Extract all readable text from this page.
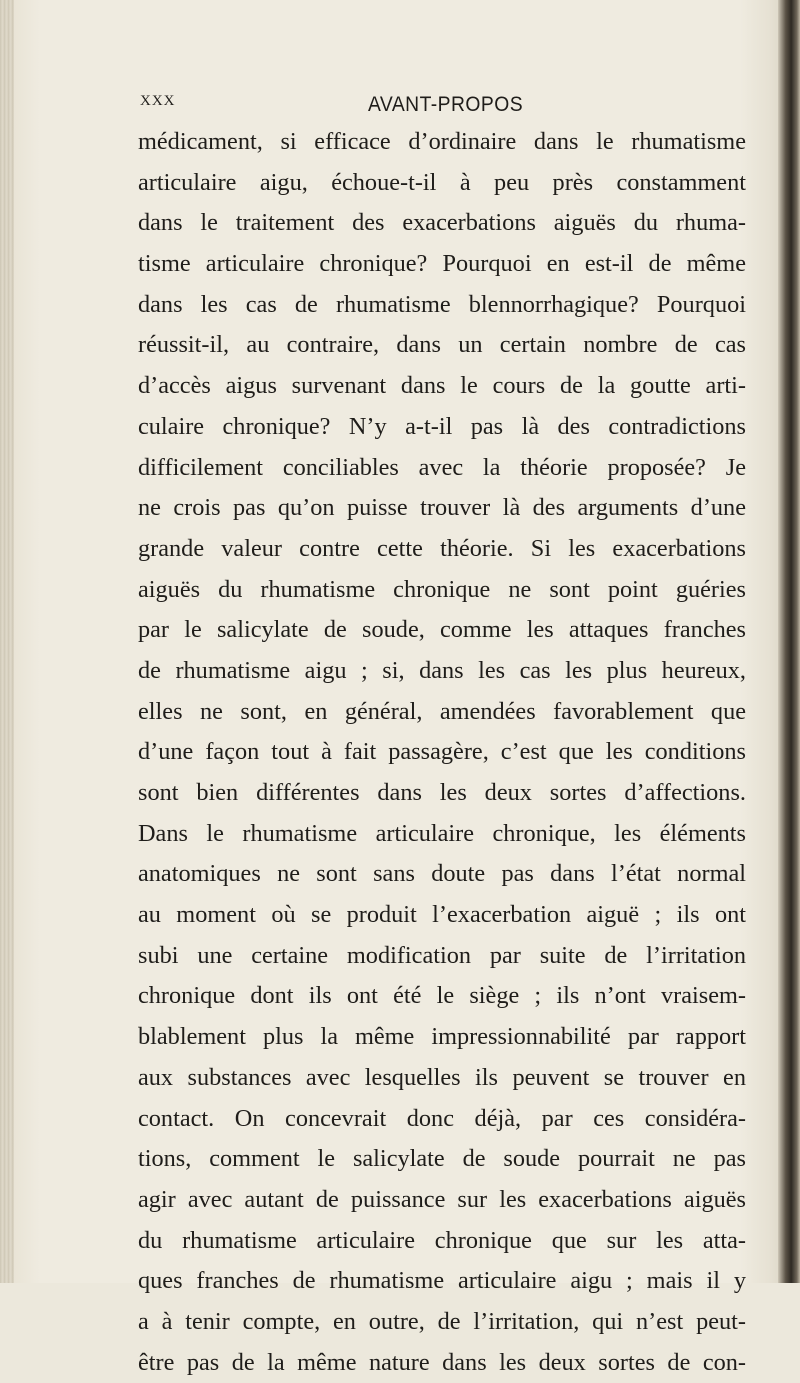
XXX	AVANT-PROPOS
médicament, si efficace d’ordinaire dans le rhumatisme
articulaire aigu, échoue-t-il à peu près constamment
dans le traitement des exacerbations aiguës du rhuma-
tisme articulaire chronique? Pourquoi en est-il de même
dans les cas de rhumatisme blennorrhagique? Pourquoi
réussit-il, au contraire, dans un certain nombre de cas
d’accès aigus survenant dans le cours de la goutte arti-
culaire chronique? N’y a-t-il pas là des contradictions
difficilement conciliables avec la théorie proposée? Je
ne crois pas qu’on puisse trouver là des arguments d’une
grande valeur contre cette théorie. Si les exacerbations
aiguës du rhumatisme chronique ne sont point guéries
par le salicylate de soude, comme les attaques franches
de rhumatisme aigu ; si, dans les cas les plus heureux,
elles ne sont, en général, amendées favorablement que
d’une façon tout à fait passagère, c’est que les conditions
sont bien différentes dans les deux sortes d’affections.
Dans le rhumatisme articulaire chronique, les éléments
anatomiques ne sont sans doute pas dans l’état normal
au moment où se produit l’exacerbation aiguë ; ils ont
subi une certaine modification par suite de l’irritation
chronique dont ils ont été le siège ; ils n’ont vraisem-
blablement plus la même impressionnabilité par rapport
aux substances avec lesquelles ils peuvent se trouver en
contact. On concevrait donc déjà, par ces considéra-
tions, comment le salicylate de soude pourrait ne pas
agir avec autant de puissance sur les exacerbations aiguës
du rhumatisme articulaire chronique que sur les atta-
ques franches de rhumatisme articulaire aigu ; mais il y
a à tenir compte, en outre, de l’irritation, qui n’est peut-
être pas de la même nature dans les deux sortes de con-
